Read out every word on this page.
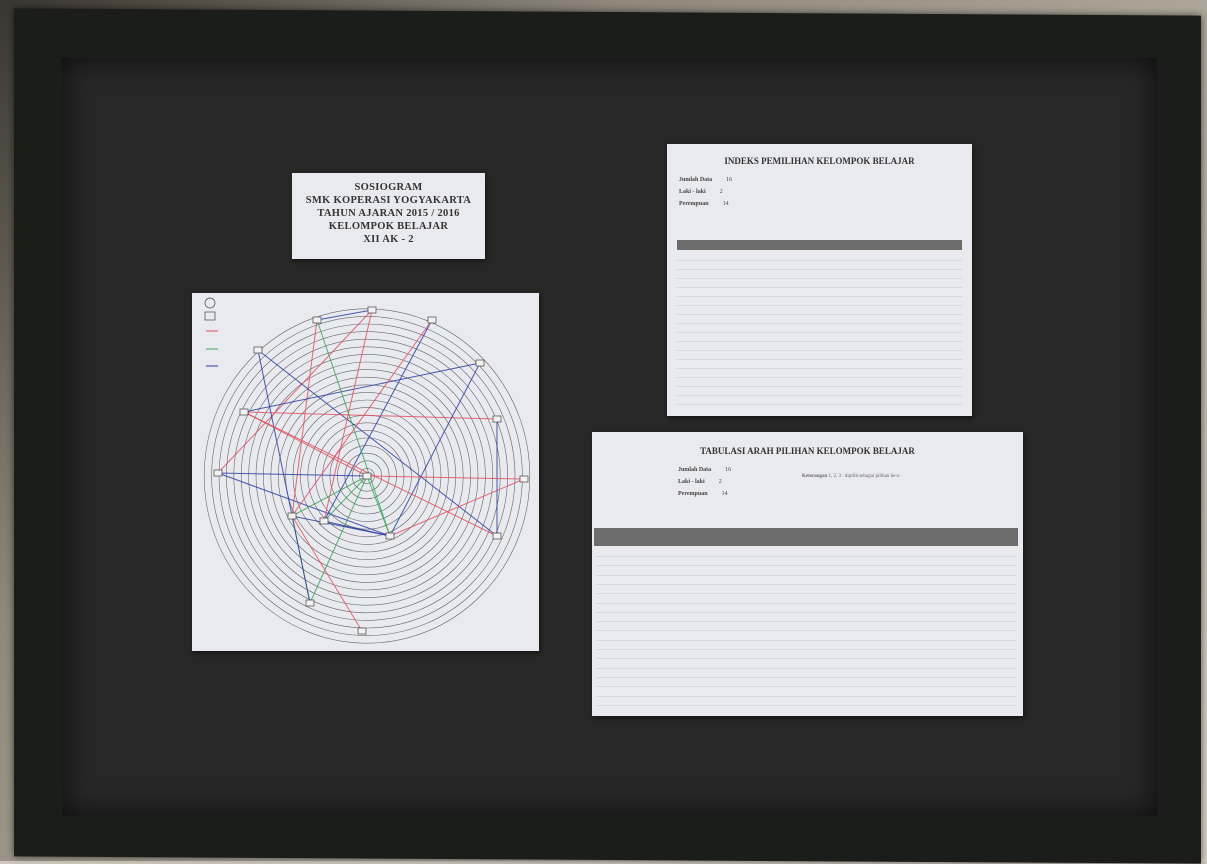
SOSIOGRAM
SMK KOPERASI YOGYAKARTA
TAHUN AJARAN 2015 / 2016
KELOMPOK BELAJAR
XII AK - 2
INDEKS PEMILIHAN KELOMPOK BELAJAR
Jumlah Data 16
Laki - laki 2
Perempuan 14
TABULASI ARAH PILIHAN KELOMPOK BELAJAR
Jumlah Data 16
Laki - laki 2
Perempuan 14
Keterangan 1, 2, 3 : dipilih sebagai pilihan ke-n
